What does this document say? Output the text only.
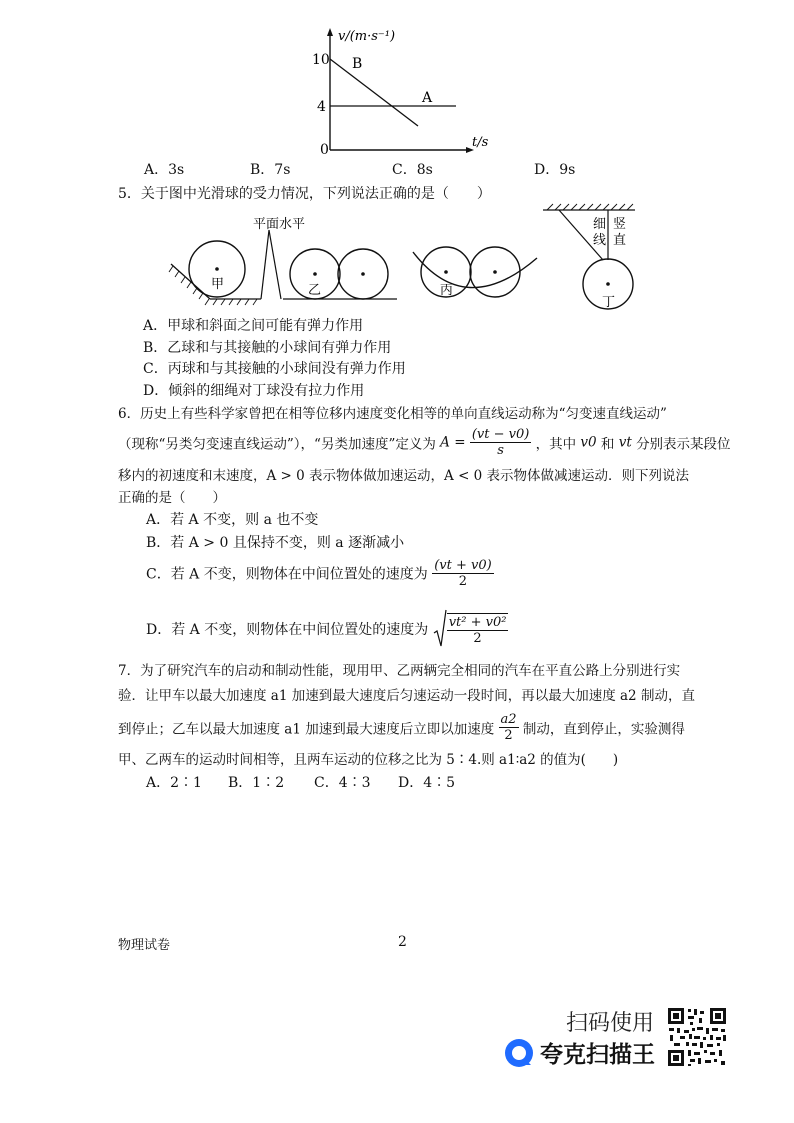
v/(m·s⁻¹)
10
4
0
B
A
t/s
A．3s	B．7s	C．8s	D．9s
5．关于图中光滑球的受力情况，下列说法正确的是（　　）
甲
平面水平
乙	丙
丁
细
线
竖
直
A．甲球和斜面之间可能有弹力作用
B．乙球和与其接触的小球间有弹力作用
C．丙球和与其接触的小球间没有弹力作用
D．倾斜的细绳对丁球没有拉力作用
6．历史上有些科学家曾把在相等位移内速度变化相等的单向直线运动称为“匀变速直线运动”
（现称“另类匀变速直线运动”），“另类加速度”定义为 $A = \frac{(vt - v0)}{s}$ ，其中 v0 和 vt 分别表示某段位
移内的初速度和末速度，A > 0 表示物体做加速运动，A < 0 表示物体做减速运动．则下列说法
正确的是（　　）
A．若 A 不变，则 a 也不变
B．若 A > 0 且保持不变，则 a 逐渐减小
C．若 A 不变，则物体在中间位置处的速度为 $\frac{(vt + v0)}{2}$
D．若 A 不变，则物体在中间位置处的速度为 $\frac{\text{vt² + v0²}}{2}$
7．为了研究汽车的启动和制动性能，现用甲、乙两辆完全相同的汽车在平直公路上分别进行实
验．让甲车以最大加速度 a1 加速到最大速度后匀速运动一段时间，再以最大加速度 a2 制动，直
到停止；乙车以最大加速度 a1 加速到最大速度后立即以加速度 $\frac{a2}{2}$ 制动，直到停止，实验测得
甲、乙两车的运动时间相等，且两车运动的位移之比为 5∶4.则 a1∶a2 的值为(　　)
A．2∶1 B．1∶2 C．4∶3 D．4∶5
物理试卷	2
扫码使用
夸克扫描王
